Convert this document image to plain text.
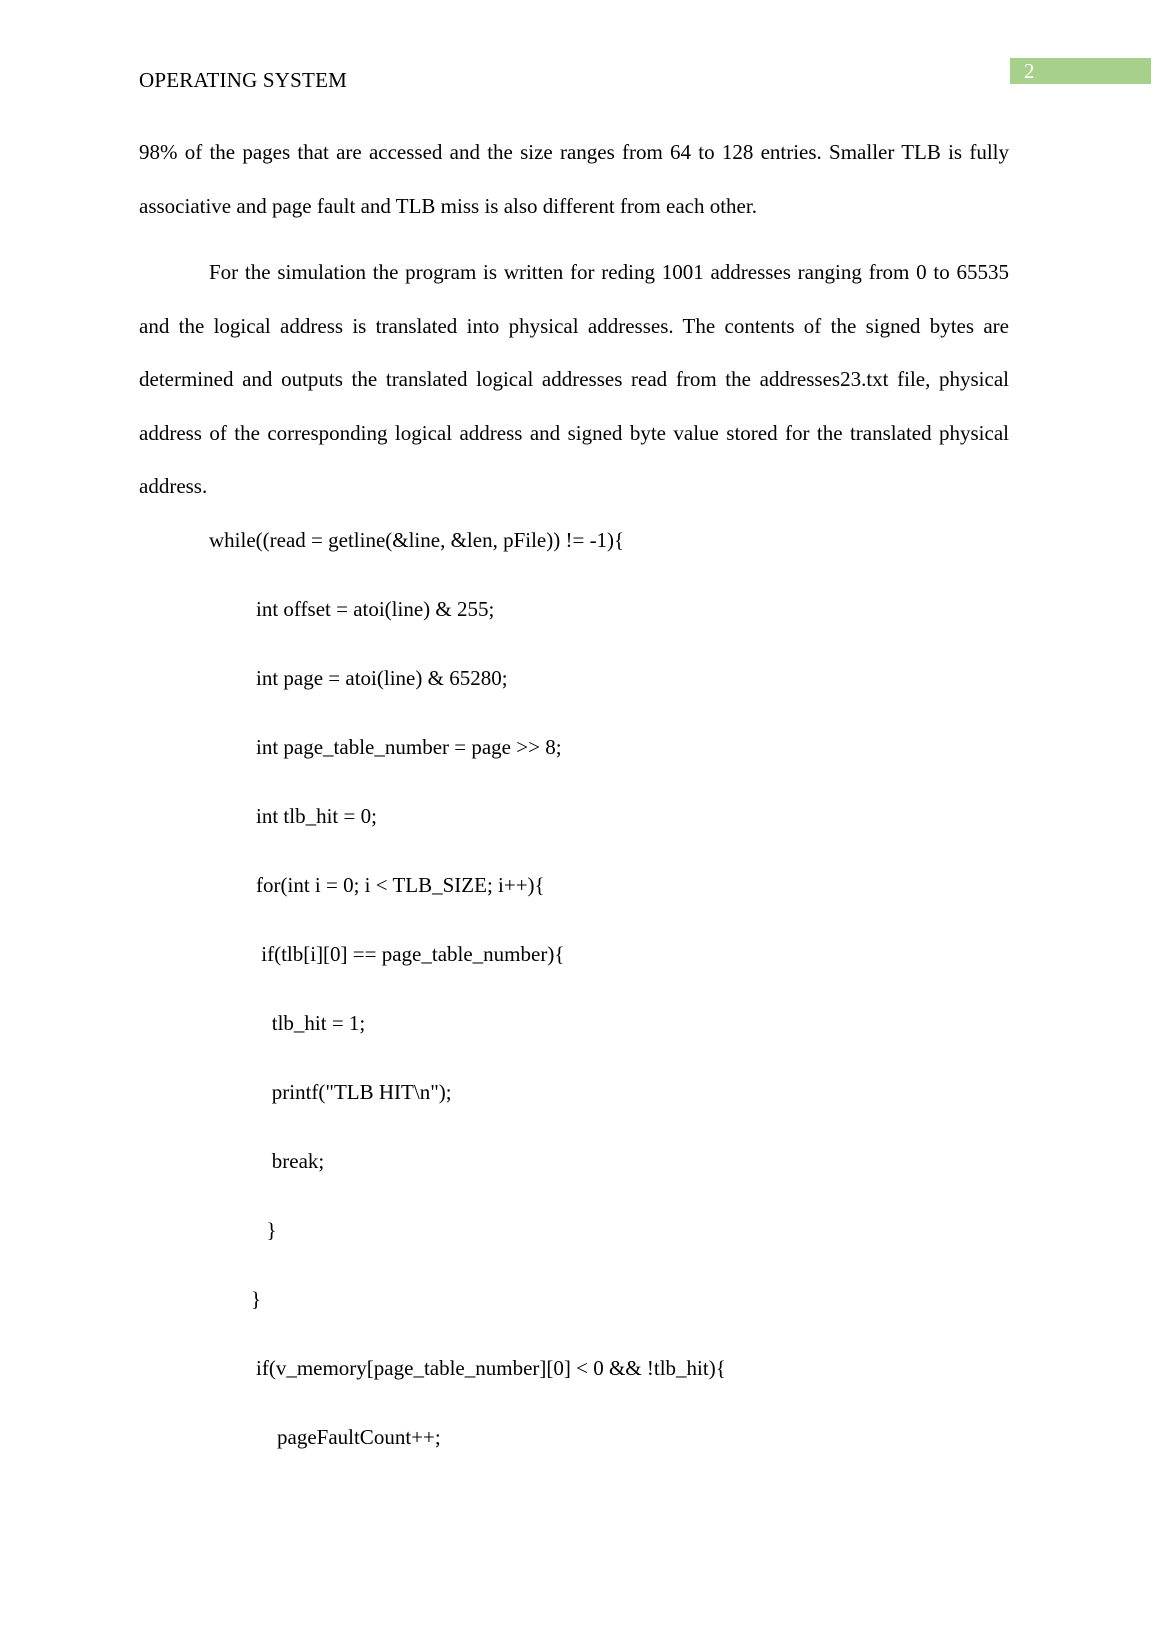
2
OPERATING SYSTEM

98% of the pages that are accessed and the size ranges from 64 to 128 entries. Smaller TLB is fully associative and page fault and TLB miss is also different from each other.

For the simulation the program is written for reding 1001 addresses ranging from 0 to 65535 and the logical address is translated into physical addresses. The contents of the signed bytes are determined and outputs the translated logical addresses read from the addresses23.txt file, physical address of the corresponding logical address and signed byte value stored for the translated physical address.

while((read = getline(&line, &len, pFile)) != -1){
int offset = atoi(line) & 255;
int page = atoi(line) & 65280;
int page_table_number = page >> 8;
int tlb_hit = 0;
for(int i = 0; i < TLB_SIZE; i++){
if(tlb[i][0] == page_table_number){
tlb_hit = 1;
printf("TLB HIT\n");
break;
}
}
if(v_memory[page_table_number][0] < 0 && !tlb_hit){
pageFaultCount++;
